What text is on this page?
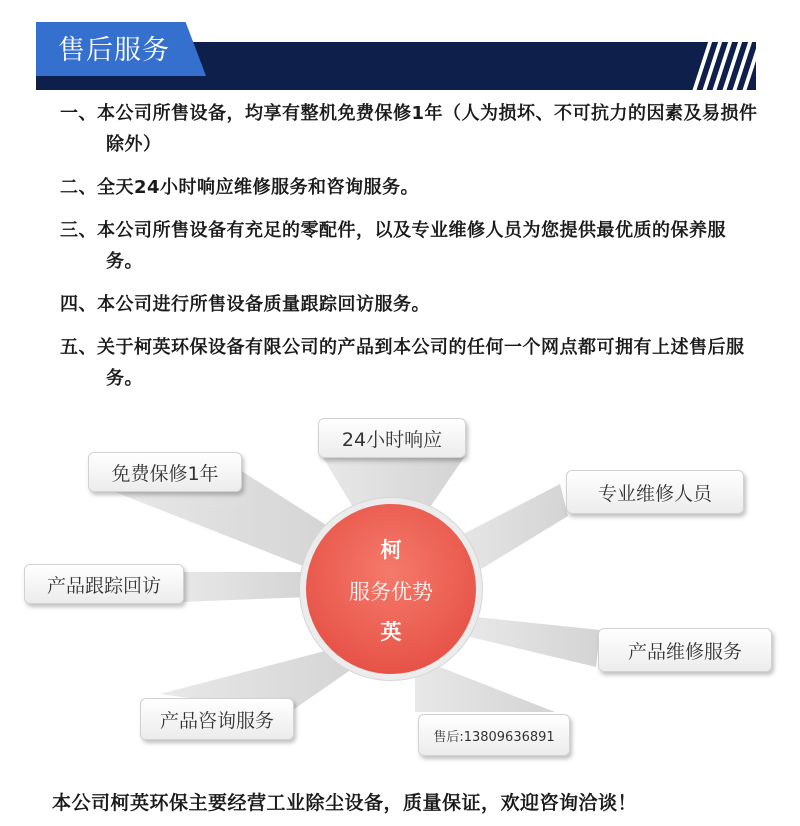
售后服务
一、本公司所售设备，均享有整机免费保修1年（人为损坏、不可抗力的因素及易损件除外）
二、全天24小时响应维修服务和咨询服务。
三、本公司所售设备有充足的零配件，以及专业维修人员为您提供最优质的保养服务。
四、本公司进行所售设备质量跟踪回访服务。
五、关于柯英环保设备有限公司的产品到本公司的任何一个网点都可拥有上述售后服务。
24小时响应
免费保修1年
专业维修人员
产品跟踪回访
产品维修服务
产品咨询服务
售后:13809636891
柯
服务优势
英
本公司柯英环保主要经营工业除尘设备，质量保证，欢迎咨询洽谈！
